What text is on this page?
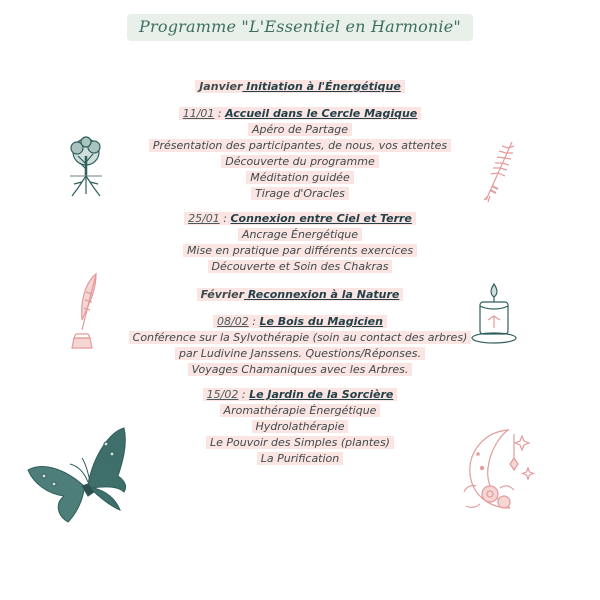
Programme "L'Essentiel en Harmonie"
Janvier Initiation à l'Énergétique
11/01 : Accueil dans le Cercle Magique
Apéro de Partage
Présentation des participantes, de nous, vos attentes
Découverte du programme
Méditation guidée
Tirage d'Oracles
25/01 : Connexion entre Ciel et Terre
Ancrage Énergétique
Mise en pratique par différents exercices
Découverte et Soin des Chakras
Février Reconnexion à la Nature
08/02 : Le Bois du Magicien
Conférence sur la Sylvothérapie (soin au contact des arbres)
par Ludivine Janssens. Questions/Réponses.
Voyages Chamaniques avec les Arbres.
15/02 : Le Jardin de la Sorcière
Aromathérapie Énergétique
Hydrolathérapie
Le Pouvoir des Simples (plantes)
La Purification
